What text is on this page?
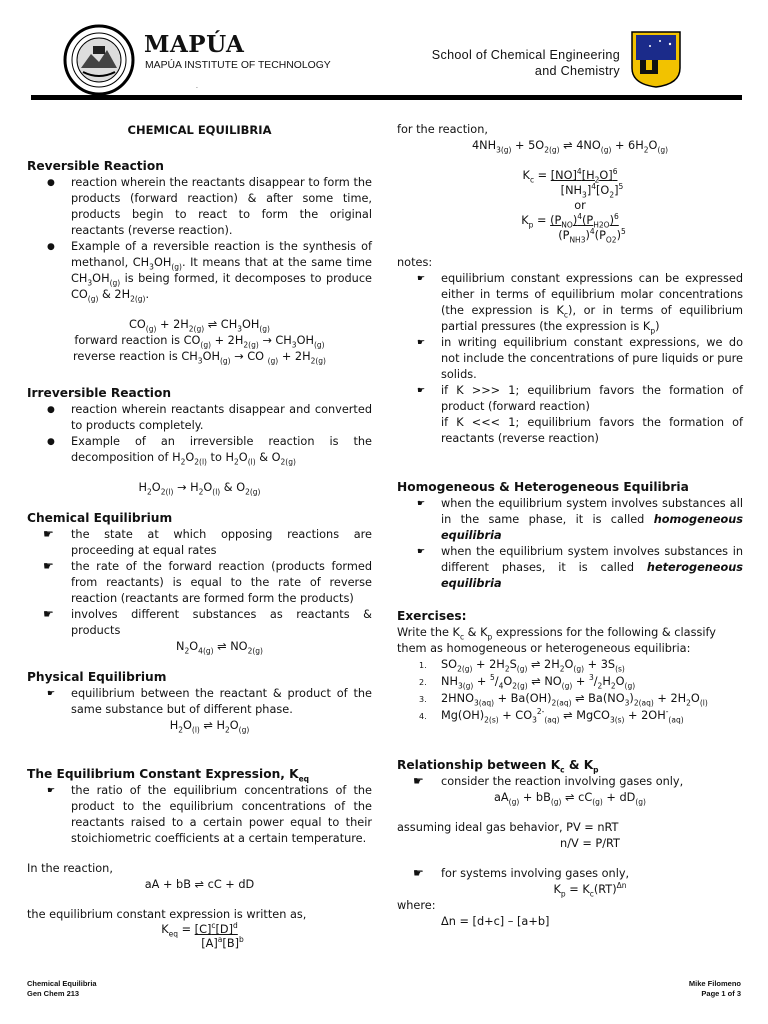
MAPÚA
MAPÚA INSTITUTE OF TECHNOLOGY
.
School of Chemical Engineering
and Chemistry
CHEMICAL EQUILIBRIA
Reversible Reaction
● reaction wherein the reactants disappear to form the products (forward reaction) & after some time, products begin to react to form the original reactants (reverse reaction).
● Example of a reversible reaction is the synthesis of methanol, $CH_3OH_{(g)}$. It means that at the same time $CH_3OH_{(g)}$ is being formed, it decomposes to produce $CO_{(g)}$ & $2H_{2(g)}$.
$CO_{(g)} + 2H_{2(g)}$ ⇌ $CH_3OH_{(g)}$
forward reaction is $CO_{(g)} + 2H_{2(g)} \to CH_3OH_{(g)}$
reverse reaction is $CH_3OH_{(g)}$ → CO $_{(g)} + 2H_{2(g)}$
Irreversible Reaction
● reaction wherein reactants disappear and converted to products completely.
● Example of an irreversible reaction is the decomposition of $H_2O_{2(l)}$ to $H_2O_{(l)}$ & $O_{2(g)}$
$H_2O_{2(l)} \to H_2O_{(l)}$ & $O_{2(g)}$
Chemical Equilibrium
☛ the state at which opposing reactions are proceeding at equal rates
☛ the rate of the forward reaction (products formed from reactants) is equal to the rate of reverse reaction (reactants are formed form the products)
☛ involves different substances as reactants & products
$N_2O_{4(g)}$ ⇌ $NO_{2(g)}$
Physical Equilibrium
☛ equilibrium between the reactant & product of the same substance but of different phase.
$H_2O_{(l)}$ ⇌ $H_2O_{(g)}$
The Equilibrium Constant Expression, $K_{eq}$
☛ the ratio of the equilibrium concentrations of the product to the equilibrium concentrations of the reactants raised to a certain power equal to their stoichiometric coefficients at a certain temperature.
In the reaction,
aA + bB ⇌ cC + dD
the equilibrium constant expression is written as,
$K_{eq} = [C]^c[D]^d$
$[A]^a[B]^b$
for the reaction,
$4NH_{3(g)} + 5O_{2(g)}$ ⇌ $4NO_{(g)} + 6H_2O_{(g)}$
$K_c = [NO]^4[H_2O]^6$
$[NH_3]^4[O_2]^5$
or
$K_p = (P_{NO})^4(P_{H2O})^6$
$(P_{NH3})^4(P_{O2})^5$
notes:
☛ equilibrium constant expressions can be expressed either in terms of equilibrium molar concentrations (the expression is $K_c$), or in terms of equilibrium partial pressures (the expression is $K_p$)
☛ in writing equilibrium constant expressions, we do not include the concentrations of pure liquids or pure solids.
☛ if K >>> 1; equilibrium favors the formation of product (forward reaction)
if K <<< 1; equilibrium favors the formation of reactants (reverse reaction)
Homogeneous & Heterogeneous Equilibria
☛ when the equilibrium system involves substances all in the same phase, it is called homogeneous equilibria
☛ when the equilibrium system involves substances in different phases, it is called heterogeneous equilibria
Exercises:
Write the $K_c$ & $K_p$ expressions for the following & classify them as homogeneous or heterogeneous equilibria:
1. $SO_{2(g)} + 2H_2S_{(g)}$ ⇌ $2H_2O_{(g)} + 3S_{(s)}$
2. $NH_{3(g)} + ^5/_4O_{2(g)}$ ⇌ $NO_{(g)} + ^3/_2H_2O_{(g)}$
3. $2HNO_{3(aq)} + Ba(OH)_{2(aq)}$ ⇌ $Ba(NO_3)_{2(aq)} + 2H_2O_{(l)}$
4. $Mg(OH)_{2(s)} + CO_3^{2-}_{(aq)}$ ⇌ MgCO$_{3(s)}$ + $2OH^-_{(aq)}$
Relationship between $K_c$ & $K_p$
☛ consider the reaction involving gases only,
$aA_{(g)} + bB_{(g)}$ ⇌ $cC_{(g)} + dD_{(g)}$
assuming ideal gas behavior, PV = nRT
n/V = P/RT
☛ for systems involving gases only,
$K_p = K_c(RT)^{\Delta n}$
where:
Δn = [d+c] – [a+b]
Chemical Equilibria
Gen Chem 213
Mike Filomeno
Page 1 of 3
